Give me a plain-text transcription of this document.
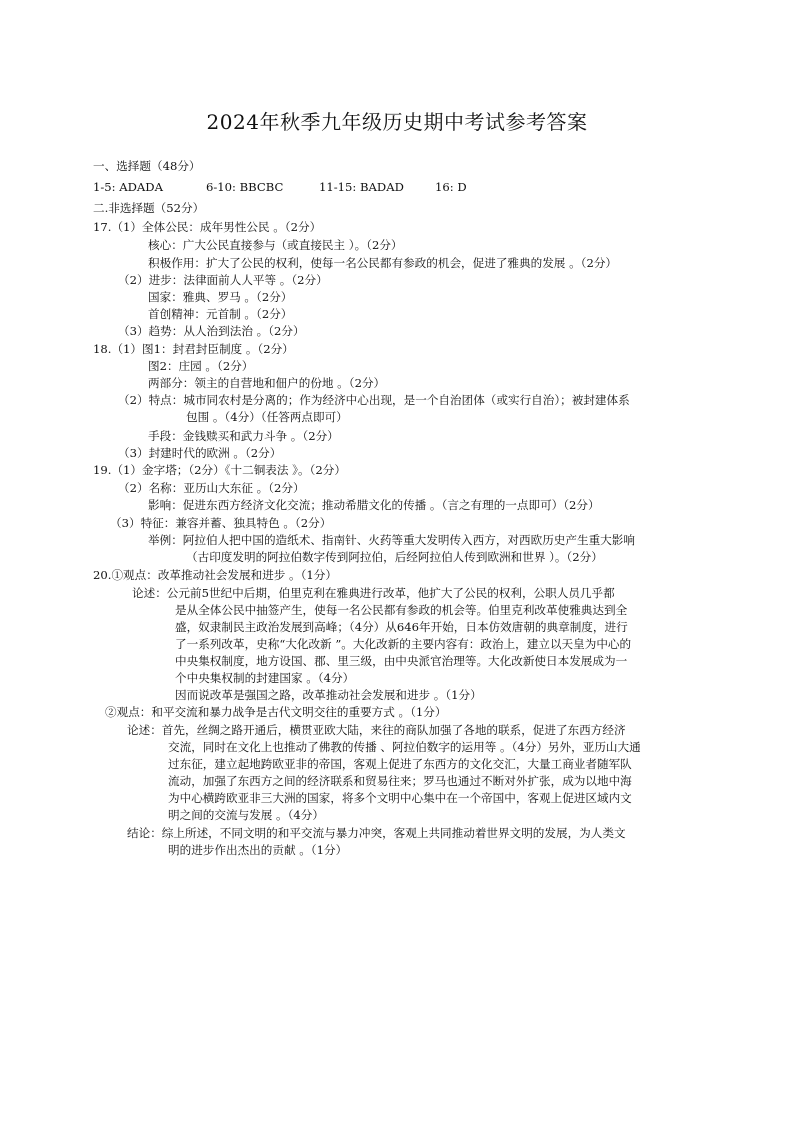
2024年秋季九年级历史期中考试参考答案
一、选择题（48分）
1-5: ADADA	6-10: BBCBC	11-15: BADAD	16: D
二.非选择题（52分）
17.（1）全体公民：成年男性公民 。（2分）
核心：广大公民直接参与（或直接民主 ）。（2分）
积极作用：扩大了公民的权利，使每一名公民都有参政的机会，促进了雅典的发展 。（2分）
（2）进步：法律面前人人平等 。（2分）
国家：雅典、罗马 。（2分）
首创精神：元首制 。（2分）
（3）趋势：从人治到法治 。（2分）
18.（1）图1：封君封臣制度 。（2分）
图2：庄园 。（2分）
两部分：领主的自营地和佃户的份地 。（2分）
（2）特点：城市同农村是分离的；作为经济中心出现，是一个自治团体（或实行自治）；被封建体系
包围 。（4分）（任答两点即可）
手段：金钱赎买和武力斗争 。（2分）
（3）封建时代的欧洲 。（2分）
19.（1）金字塔；（2分）《十二铜表法 》。（2分）
（2）名称：亚历山大东征 。（2分）
影响：促进东西方经济文化交流；推动希腊文化的传播 。（言之有理的一点即可）（2分）
（3）特征：兼容并蓄、独具特色 。（2分）
举例：阿拉伯人把中国的造纸术、指南针、火药等重大发明传入西方，对西欧历史产生重大影响
（古印度发明的阿拉伯数字传到阿拉伯，后经阿拉伯人传到欧洲和世界 ）。（2分）
20.①观点：改革推动社会发展和进步 。（1分）
论述：公元前5世纪中后期，伯里克利在雅典进行改革，他扩大了公民的权利，公职人员几乎都
是从全体公民中抽签产生，使每一名公民都有参政的机会等。伯里克利改革使雅典达到全
盛，奴隶制民主政治发展到高峰；（4分）从646年开始，日本仿效唐朝的典章制度，进行
了一系列改革，史称“大化改新 ”。大化改新的主要内容有：政治上，建立以天皇为中心的
中央集权制度，地方设国、郡、里三级，由中央派官治理等。大化改新使日本发展成为一
个中央集权制的封建国家 。（4分）
因而说改革是强国之路，改革推动社会发展和进步 。（1分）
②观点：和平交流和暴力战争是古代文明交往的重要方式 。（1分）
论述：首先，丝绸之路开通后，横贯亚欧大陆，来往的商队加强了各地的联系，促进了东西方经济
交流，同时在文化上也推动了佛教的传播 、阿拉伯数字的运用等 。（4分）另外，亚历山大通
过东征，建立起地跨欧亚非的帝国，客观上促进了东西方的文化交汇，大量工商业者随军队
流动，加强了东西方之间的经济联系和贸易往来；罗马也通过不断对外扩张，成为以地中海
为中心横跨欧亚非三大洲的国家，将多个文明中心集中在一个帝国中，客观上促进区域内文
明之间的交流与发展 。（4分）
结论：综上所述，不同文明的和平交流与暴力冲突，客观上共同推动着世界文明的发展，为人类文
明的进步作出杰出的贡献 。（1分）
